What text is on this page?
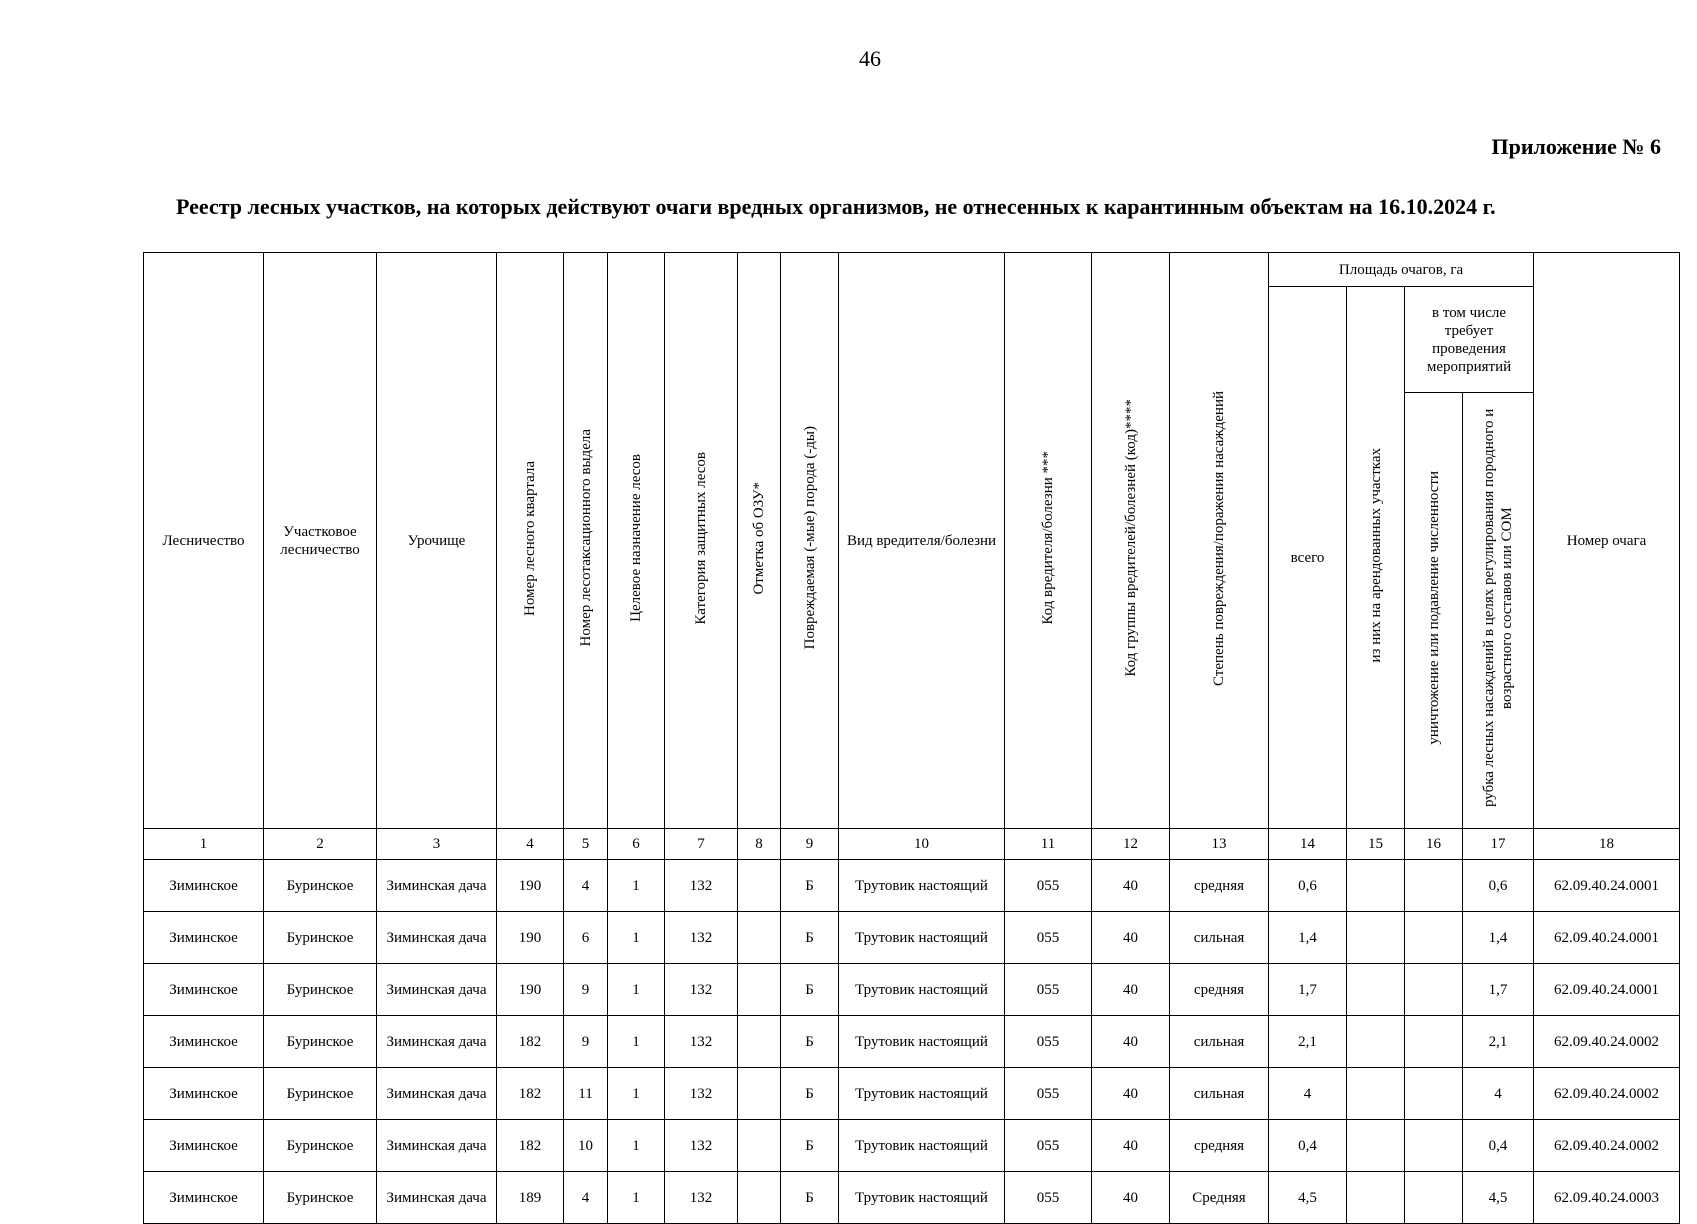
46
Приложение № 6
Реестр лесных участков, на которых действуют очаги вредных организмов, не отнесенных к карантинным объектам на 16.10.2024 г.
Лесничество	Участковое лесничество	Урочище	Номер лесного квартала	Номер лесотаксационного выдела	Целевое назначение лесов	Категория защитных лесов	Отметка об ОЗУ*	Повреждаемая (-мые) порода (-ды)	Вид вредителя/болезни	Код вредителя/болезни ***	Код группы вредителей/болезней (код)****	Степень повреждения/поражения насаждений	Площадь очагов, га				Номер очага
													всего	из них на арендованных участках	в том числе требует проведения мероприятий		
															уничтожение или подавление численности	рубка лесных насаждений в целях регулирования породного и возрастного составов или СОМ	
1	2	3	4	5	6	7	8	9	10	11	12	13	14	15	16	17	18
Зиминское	Буринское	Зиминская дача	190	4	1	132		Б	Трутовик настоящий	055	40	средняя	0,6			0,6	62.09.40.24.0001
Зиминское	Буринское	Зиминская дача	190	6	1	132		Б	Трутовик настоящий	055	40	сильная	1,4			1,4	62.09.40.24.0001
Зиминское	Буринское	Зиминская дача	190	9	1	132		Б	Трутовик настоящий	055	40	средняя	1,7			1,7	62.09.40.24.0001
Зиминское	Буринское	Зиминская дача	182	9	1	132		Б	Трутовик настоящий	055	40	сильная	2,1			2,1	62.09.40.24.0002
Зиминское	Буринское	Зиминская дача	182	11	1	132		Б	Трутовик настоящий	055	40	сильная	4			4	62.09.40.24.0002
Зиминское	Буринское	Зиминская дача	182	10	1	132		Б	Трутовик настоящий	055	40	средняя	0,4			0,4	62.09.40.24.0002
Зиминское	Буринское	Зиминская дача	189	4	1	132		Б	Трутовик настоящий	055	40	Средняя	4,5			4,5	62.09.40.24.0003
